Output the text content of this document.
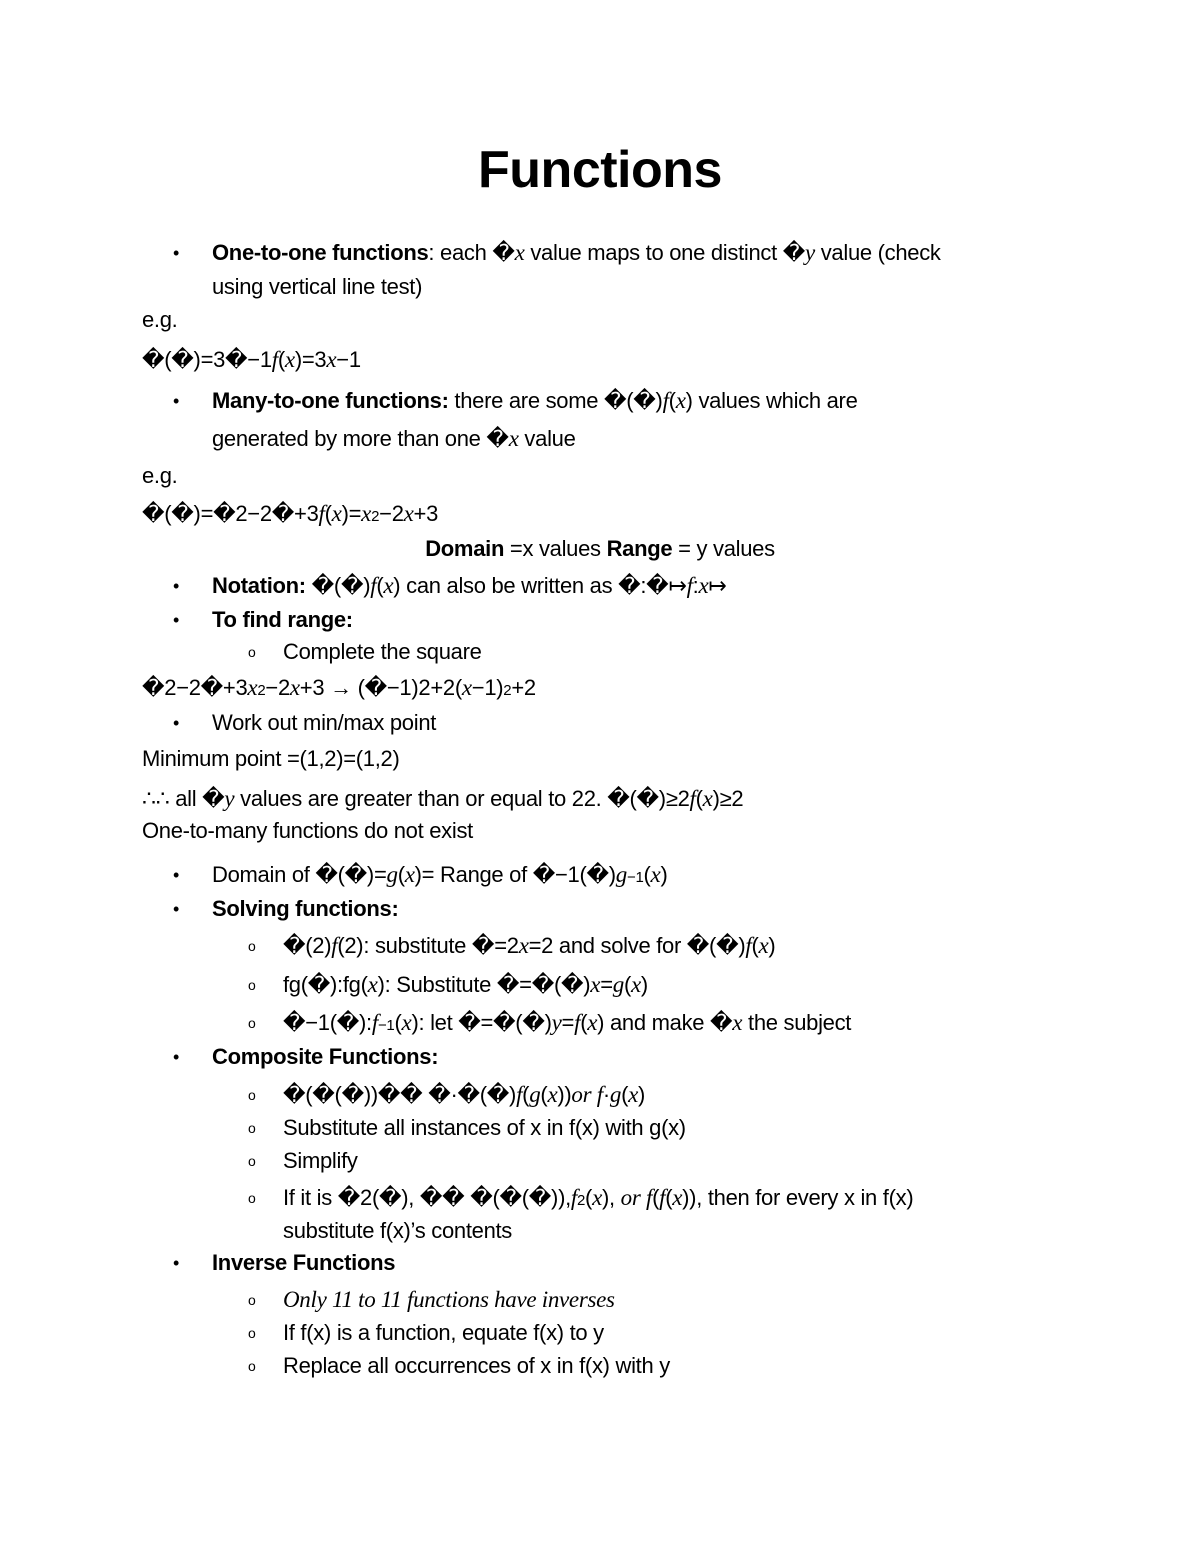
Functions
• One-to-one functions: each �x value maps to one distinct �y value (check
using vertical line test)
e.g.
�(�)=3�−1f(x)=3x−1
• Many-to-one functions: there are some �(�)f(x) values which are
generated by more than one �x value
e.g.
�(�)=�2−2�+3f(x)=x2−2x+3
Domain =x values Range = y values
• Notation: �(�)f(x) can also be written as �:�↦f:x↦
• To find range:
o Complete the square
�2−2�+3x2−2x+3 → (�−1)2+2(x−1)2+2
• Work out min/max point
Minimum point =(1,2)=(1,2)
∴∴ all �y values are greater than or equal to 22. �(�)≥2f(x)≥2
One-to-many functions do not exist
• Domain of �(�)=g(x)= Range of �−1(�)g−1(x)
• Solving functions:
o �(2)f(2): substitute �=2x=2 and solve for �(�)f(x)
o fg(�):fg(x): Substitute �=�(�)x=g(x)
o �−1(�):f−1(x): let �=�(�)y=f(x) and make �x the subject
• Composite Functions:
o �(�(�))�� �·�(�)f(g(x))or f·g(x)
o Substitute all instances of x in f(x) with g(x)
o Simplify
o If it is �2(�), �� �(�(�)),f2(x), or f(f(x)), then for every x in f(x)
substitute f(x)’s contents
• Inverse Functions
o Only 11 to 11 functions have inverses
o If f(x) is a function, equate f(x) to y
o Replace all occurrences of x in f(x) with y
